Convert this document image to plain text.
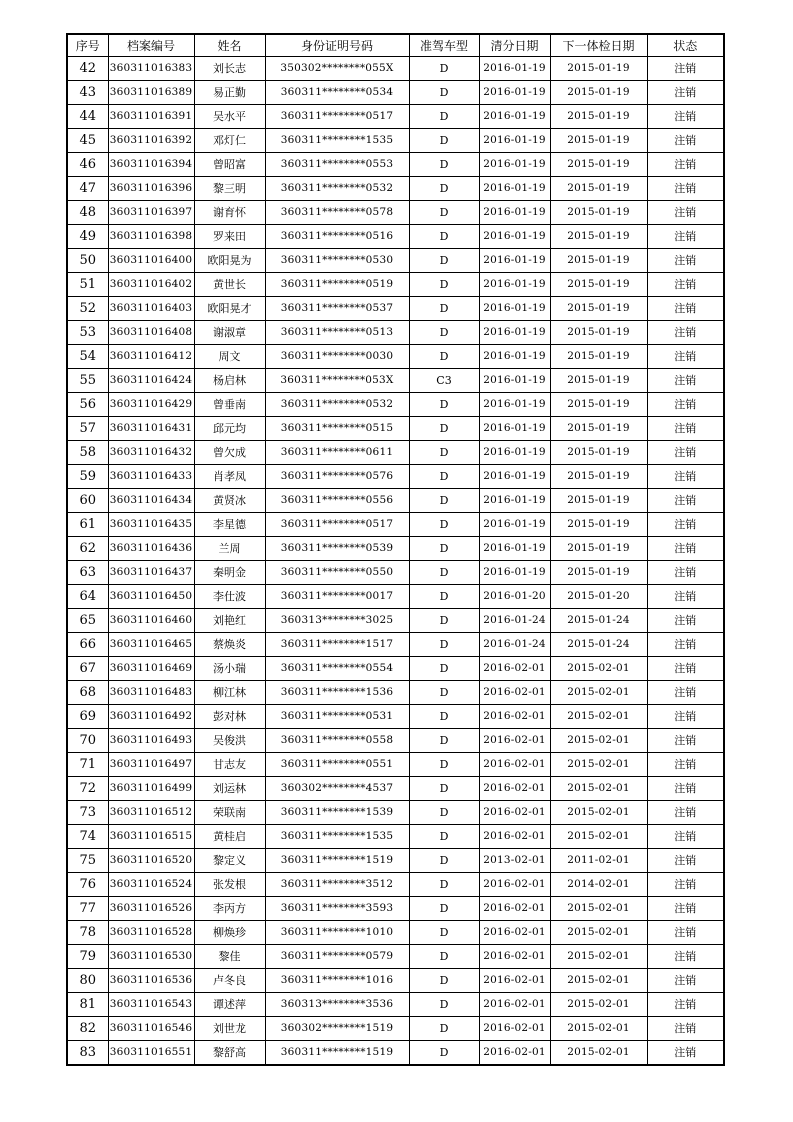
序号	档案编号	姓名	身份证明号码	准驾车型	清分日期	下一体检日期	状态
42	360311016383	刘长志	350302********055X	D	2016-01-19	2015-01-19	注销
43	360311016389	易正勤	360311********0534	D	2016-01-19	2015-01-19	注销
44	360311016391	吴水平	360311********0517	D	2016-01-19	2015-01-19	注销
45	360311016392	邓灯仁	360311********1535	D	2016-01-19	2015-01-19	注销
46	360311016394	曾昭富	360311********0553	D	2016-01-19	2015-01-19	注销
47	360311016396	黎三明	360311********0532	D	2016-01-19	2015-01-19	注销
48	360311016397	谢育怀	360311********0578	D	2016-01-19	2015-01-19	注销
49	360311016398	罗来田	360311********0516	D	2016-01-19	2015-01-19	注销
50	360311016400	欧阳晃为	360311********0530	D	2016-01-19	2015-01-19	注销
51	360311016402	黄世长	360311********0519	D	2016-01-19	2015-01-19	注销
52	360311016403	欧阳晃才	360311********0537	D	2016-01-19	2015-01-19	注销
53	360311016408	谢淑章	360311********0513	D	2016-01-19	2015-01-19	注销
54	360311016412	周文	360311********0030	D	2016-01-19	2015-01-19	注销
55	360311016424	杨启林	360311********053X	C3	2016-01-19	2015-01-19	注销
56	360311016429	曾垂南	360311********0532	D	2016-01-19	2015-01-19	注销
57	360311016431	邱元均	360311********0515	D	2016-01-19	2015-01-19	注销
58	360311016432	曾欠成	360311********0611	D	2016-01-19	2015-01-19	注销
59	360311016433	肖孝凤	360311********0576	D	2016-01-19	2015-01-19	注销
60	360311016434	黄贤冰	360311********0556	D	2016-01-19	2015-01-19	注销
61	360311016435	李星德	360311********0517	D	2016-01-19	2015-01-19	注销
62	360311016436	兰周	360311********0539	D	2016-01-19	2015-01-19	注销
63	360311016437	秦明金	360311********0550	D	2016-01-19	2015-01-19	注销
64	360311016450	李仕波	360311********0017	D	2016-01-20	2015-01-20	注销
65	360311016460	刘艳红	360313********3025	D	2016-01-24	2015-01-24	注销
66	360311016465	蔡焕炎	360311********1517	D	2016-01-24	2015-01-24	注销
67	360311016469	汤小瑞	360311********0554	D	2016-02-01	2015-02-01	注销
68	360311016483	柳江林	360311********1536	D	2016-02-01	2015-02-01	注销
69	360311016492	彭对林	360311********0531	D	2016-02-01	2015-02-01	注销
70	360311016493	吴俊洪	360311********0558	D	2016-02-01	2015-02-01	注销
71	360311016497	甘志友	360311********0551	D	2016-02-01	2015-02-01	注销
72	360311016499	刘运林	360302********4537	D	2016-02-01	2015-02-01	注销
73	360311016512	荣联南	360311********1539	D	2016-02-01	2015-02-01	注销
74	360311016515	黄桂启	360311********1535	D	2016-02-01	2015-02-01	注销
75	360311016520	黎定义	360311********1519	D	2013-02-01	2011-02-01	注销
76	360311016524	张发根	360311********3512	D	2016-02-01	2014-02-01	注销
77	360311016526	李丙方	360311********3593	D	2016-02-01	2015-02-01	注销
78	360311016528	柳焕珍	360311********1010	D	2016-02-01	2015-02-01	注销
79	360311016530	黎佳	360311********0579	D	2016-02-01	2015-02-01	注销
80	360311016536	卢冬良	360311********1016	D	2016-02-01	2015-02-01	注销
81	360311016543	谭述萍	360313********3536	D	2016-02-01	2015-02-01	注销
82	360311016546	刘世龙	360302********1519	D	2016-02-01	2015-02-01	注销
83	360311016551	黎舒高	360311********1519	D	2016-02-01	2015-02-01	注销
